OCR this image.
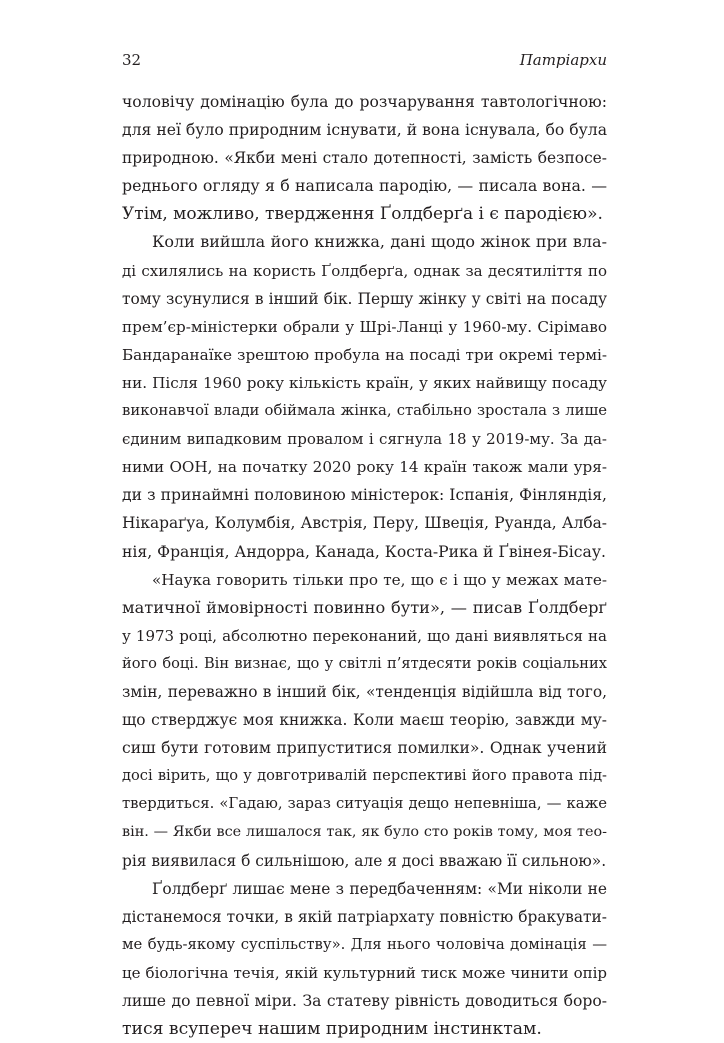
32	Патріархи
чоловічу домінацію була до розчарування тавтологічною:
для неї було природним існувати, й вона існувала, бо була
природною. «Якби мені стало дотепності, замість безпосе-
реднього огляду я б написала пародію, — писала вона. —
Утім, можливо, твердження Ґолдберґа і є пародією».
Коли вийшла його книжка, дані щодо жінок при вла-
ді схилялись на користь Ґолдберґа, однак за десятиліття по
тому зсунулися в інший бік. Першу жінку у світі на посаду
прем’єр-міністерки обрали у Шрі-Ланці у 1960-му. Сірімаво
Бандаранаїке зрештою пробула на посаді три окремі термі-
ни. Після 1960 року кількість країн, у яких найвищу посаду
виконавчої влади обіймала жінка, стабільно зростала з лише
єдиним випадковим провалом і сягнула 18 у 2019-му. За да-
ними ООН, на початку 2020 року 14 країн також мали уря-
ди з принаймні половиною міністерок: Іспанія, Фінляндія,
Нікараґуа, Колумбія, Австрія, Перу, Швеція, Руанда, Алба-
нія, Франція, Андорра, Канада, Коста-Рика й Ґвінея-Бісау.
«Наука говорить тільки про те, що є і що у межах мате-
матичної ймовірності повинно бути», — писав Ґолдберґ
у 1973 році, абсолютно переконаний, що дані виявляться на
його боці. Він визнає, що у світлі п’ятдесяти років соціальних
змін, переважно в інший бік, «тенденція відійшла від того,
що стверджує моя книжка. Коли маєш теорію, завжди му-
сиш бути готовим припуститися помилки». Однак учений
досі вірить, що у довготривалій перспективі його правота під-
твердиться. «Гадаю, зараз ситуація дещо непевніша, — каже
він. — Якби все лишалося так, як було сто років тому, моя тео-
рія виявилася б сильнішою, але я досі вважаю її сильною».
Ґолдберґ лишає мене з передбаченням: «Ми ніколи не
дістанемося точки, в якій патріархату повністю бракувати-
ме будь-якому суспільству». Для нього чоловіча домінація —
це біологічна течія, якій культурний тиск може чинити опір
лише до певної міри. За статеву рівність доводиться боро-
тися всупереч нашим природним інстинктам.
